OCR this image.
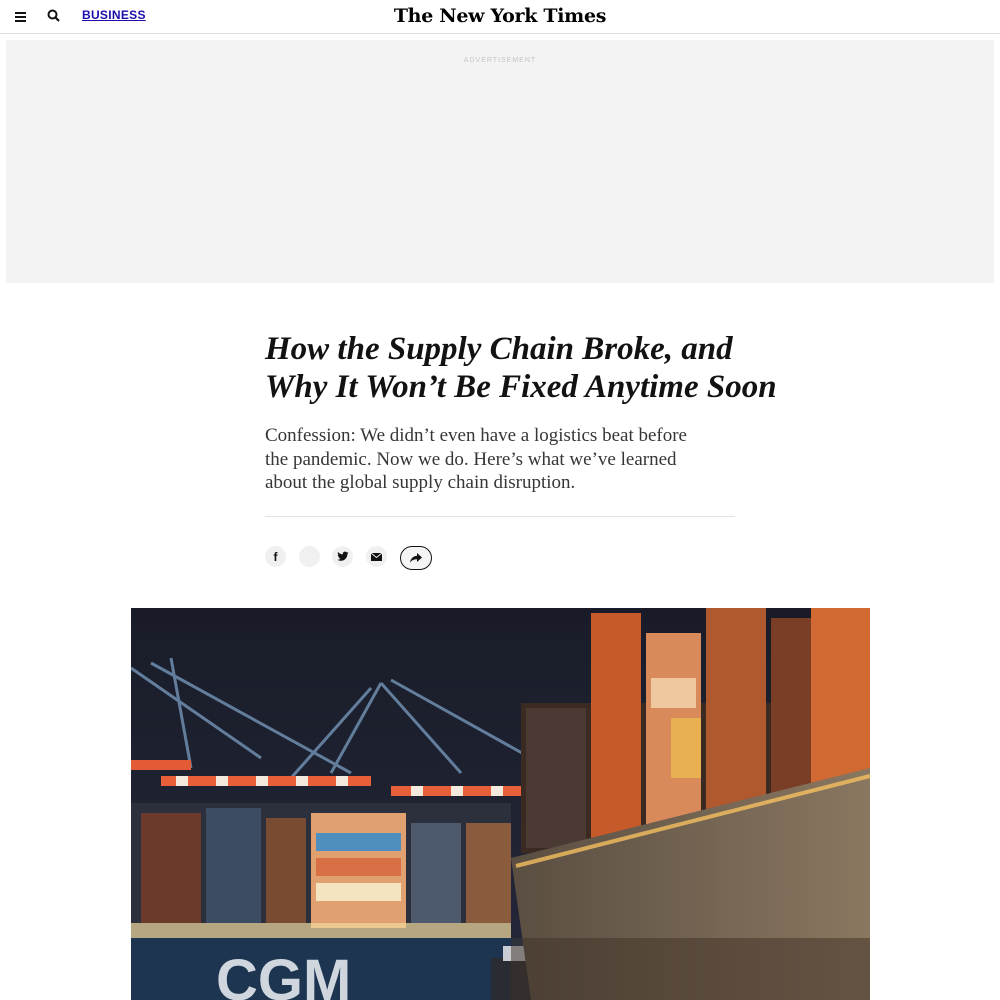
BUSINESS	The New York Times
ADVERTISEMENT
How the Supply Chain Broke, and Why It Won’t Be Fixed Anytime Soon

Confession: We didn’t even have a logistics beat before the pandemic. Now we do. Here’s what we’ve learned about the global supply chain disruption.

f
CGM
